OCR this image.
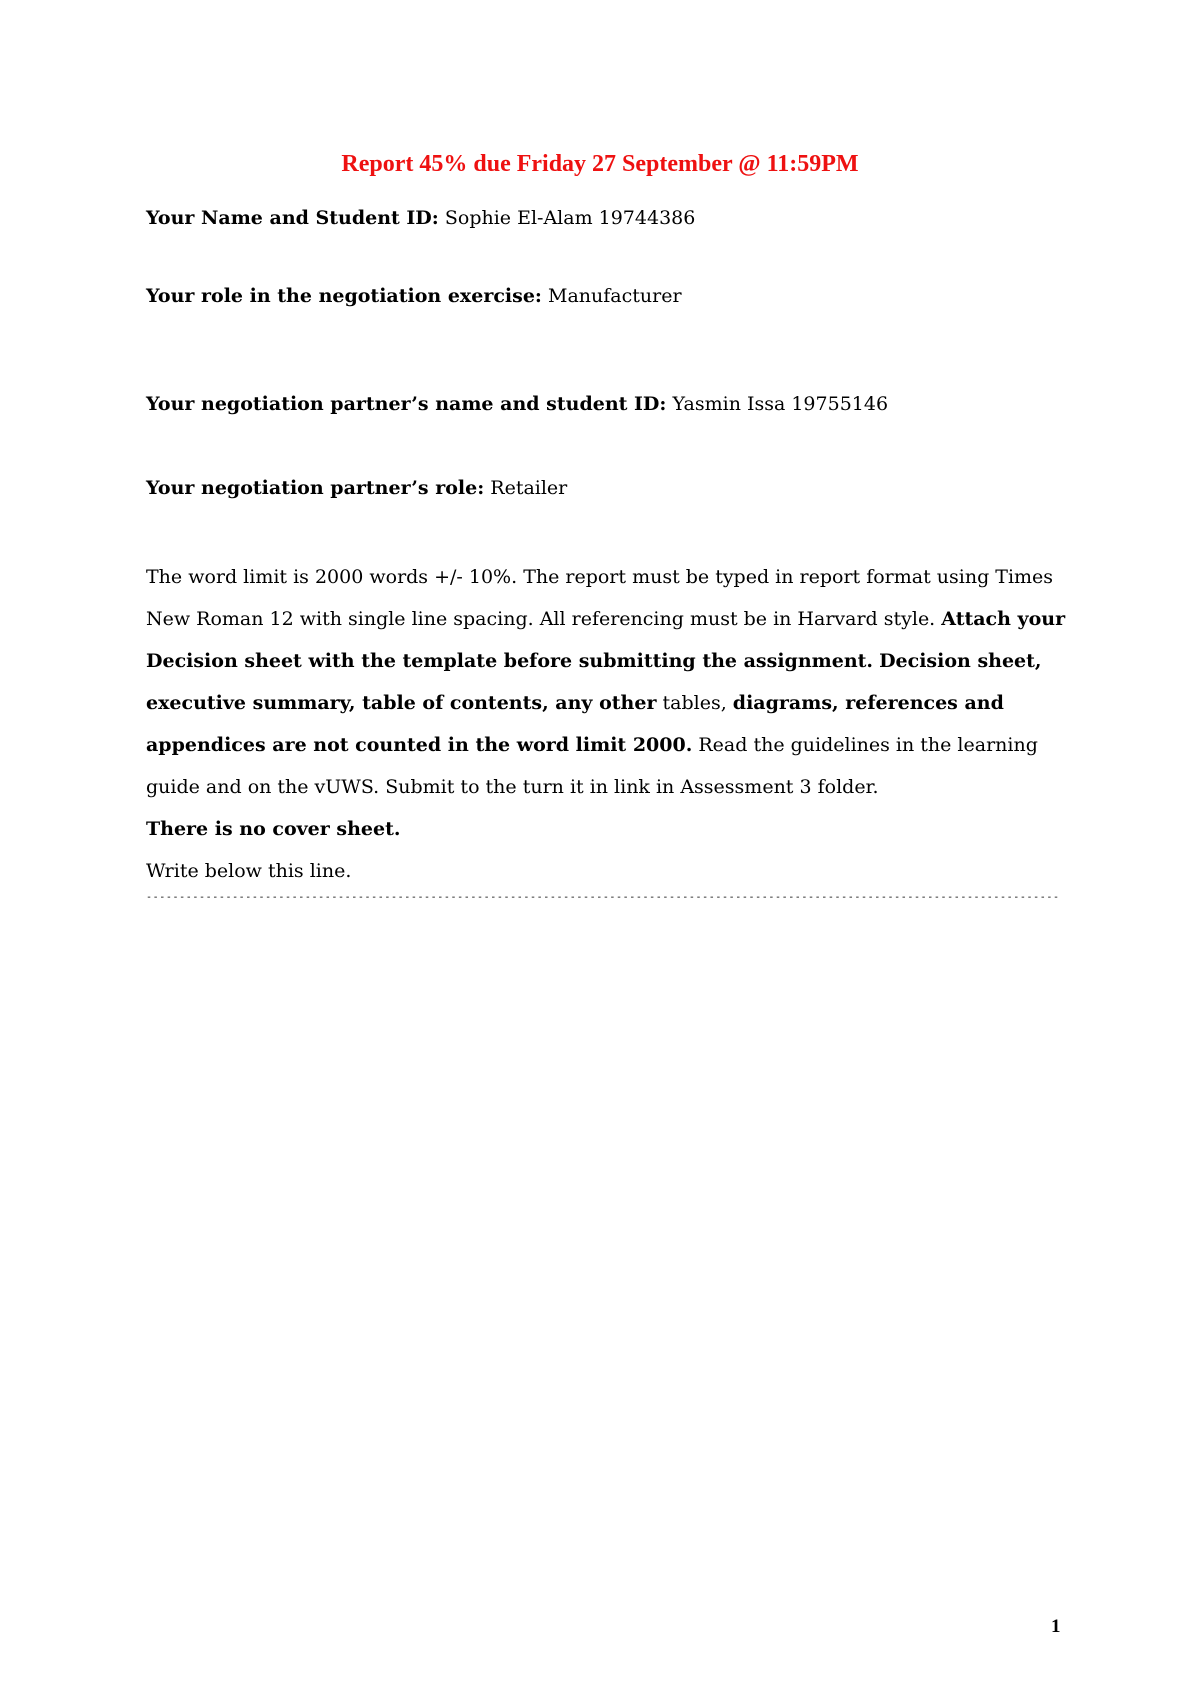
Report 45% due Friday 27 September @ 11:59PM
Your Name and Student ID: Sophie El-Alam 19744386
Your role in the negotiation exercise: Manufacturer
Your negotiation partner’s name and student ID: Yasmin Issa 19755146
Your negotiation partner’s role: Retailer
The word limit is 2000 words +/- 10%. The report must be typed in report format using Times New Roman 12 with single line spacing. All referencing must be in Harvard style. Attach your Decision sheet with the template before submitting the assignment. Decision sheet, executive summary, table of contents, any other tables, diagrams, references and appendices are not counted in the word limit 2000. Read the guidelines in the learning guide and on the vUWS. Submit to the turn it in link in Assessment 3 folder.
There is no cover sheet.
Write below this line.
------------------------------------------------------------------------------------------------------------------------------------------
1
